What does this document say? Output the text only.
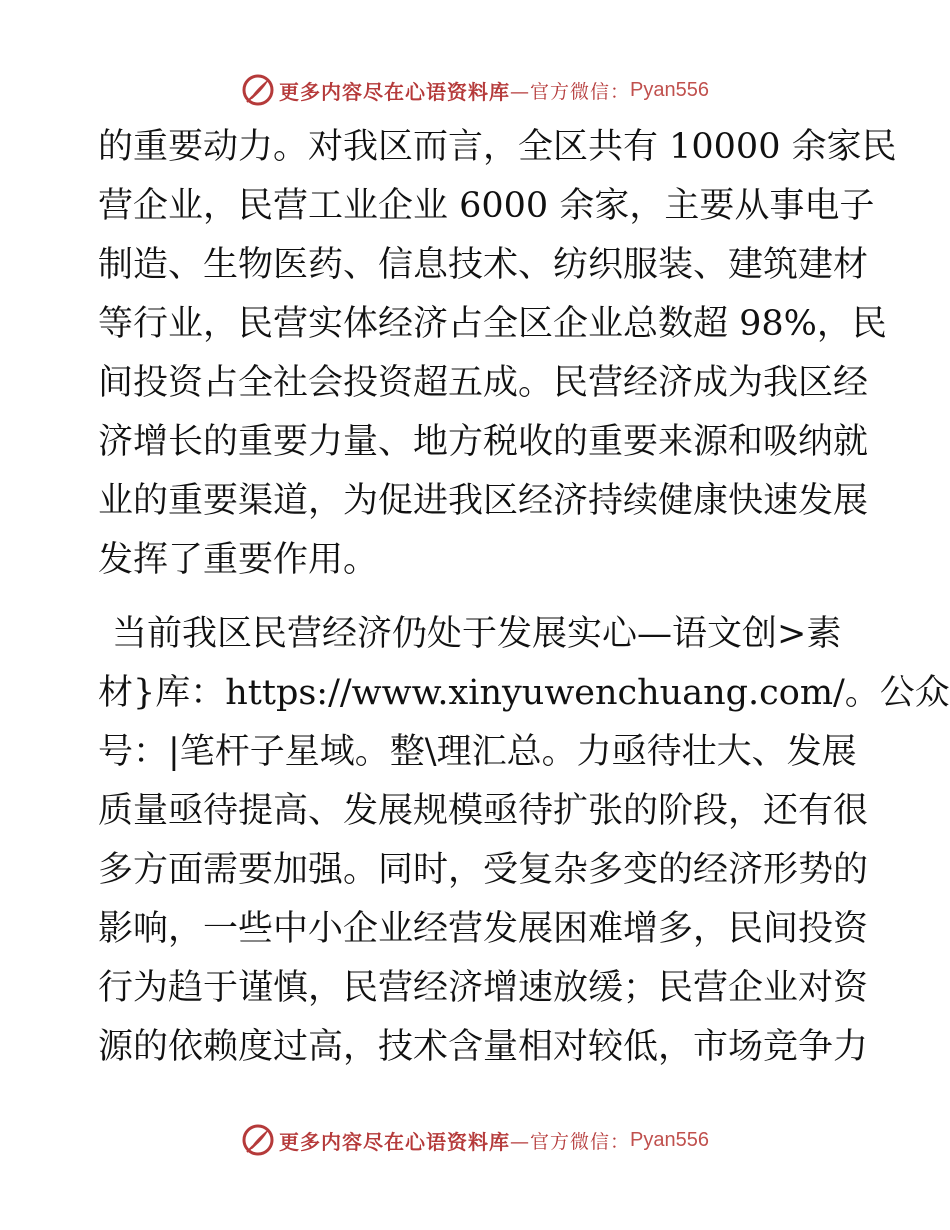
更多内容尽在心语资料库 —官方微信： Pyan556
的重要动力。对我区而言，全区共有 10000 余家民
营企业，民营工业企业 6000 余家，主要从事电子
制造、生物医药、信息技术、纺织服装、建筑建材
等行业，民营实体经济占全区企业总数超 98%，民
间投资占全社会投资超五成。民营经济成为我区经
济增长的重要力量、地方税收的重要来源和吸纳就
业的重要渠道，为促进我区经济持续健康快速发展
发挥了重要作用。
当前我区民营经济仍处于发展实心—语文创>素
材}库：https://www.xinyuwenchuang.com/。公众
号：|笔杆子星域。整\理汇总。力亟待壮大、发展
质量亟待提高、发展规模亟待扩张的阶段，还有很
多方面需要加强。同时，受复杂多变的经济形势的
影响，一些中小企业经营发展困难增多，民间投资
行为趋于谨慎，民营经济增速放缓；民营企业对资
源的依赖度过高，技术含量相对较低，市场竞争力
更多内容尽在心语资料库 —官方微信： Pyan556
